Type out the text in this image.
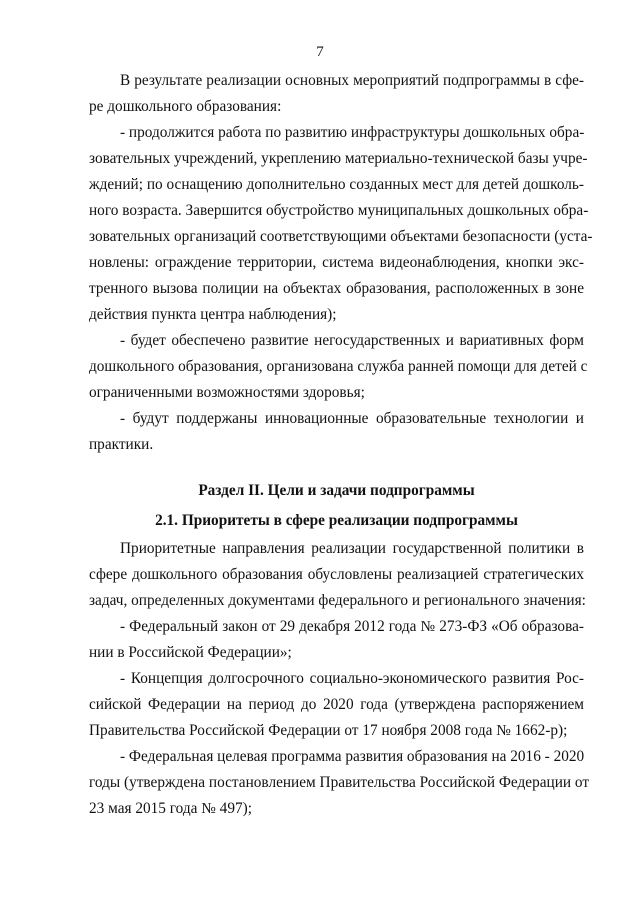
7
В результате реализации основных мероприятий подпрограммы в сфе-
ре дошкольного образования:
- продолжится работа по развитию инфраструктуры дошкольных обра-
зовательных учреждений, укреплению материально-технической базы учре-
ждений; по оснащению дополнительно созданных мест для детей дошколь-
ного возраста. Завершится обустройство муниципальных дошкольных обра-
зовательных организаций соответствующими объектами безопасности (уста-
новлены: ограждение территории, система видеонаблюдения, кнопки экс-
тренного вызова полиции на объектах образования, расположенных в зоне
действия пункта центра наблюдения);
- будет обеспечено развитие негосударственных и вариативных форм
дошкольного образования, организована служба ранней помощи для детей с
ограниченными возможностями здоровья;
- будут поддержаны инновационные образовательные технологии и
практики.
Раздел II. Цели и задачи подпрограммы
2.1. Приоритеты в сфере реализации подпрограммы
Приоритетные направления реализации государственной политики в
сфере дошкольного образования обусловлены реализацией стратегических
задач, определенных документами федерального и регионального значения:
- Федеральный закон от 29 декабря 2012 года № 273-ФЗ «Об образова-
нии в Российской Федерации»;
- Концепция долгосрочного социально-экономического развития Рос-
сийской Федерации на период до 2020 года (утверждена распоряжением
Правительства Российской Федерации от 17 ноября 2008 года № 1662-р);
- Федеральная целевая программа развития образования на 2016 - 2020
годы (утверждена постановлением Правительства Российской Федерации от
23 мая 2015 года № 497);
